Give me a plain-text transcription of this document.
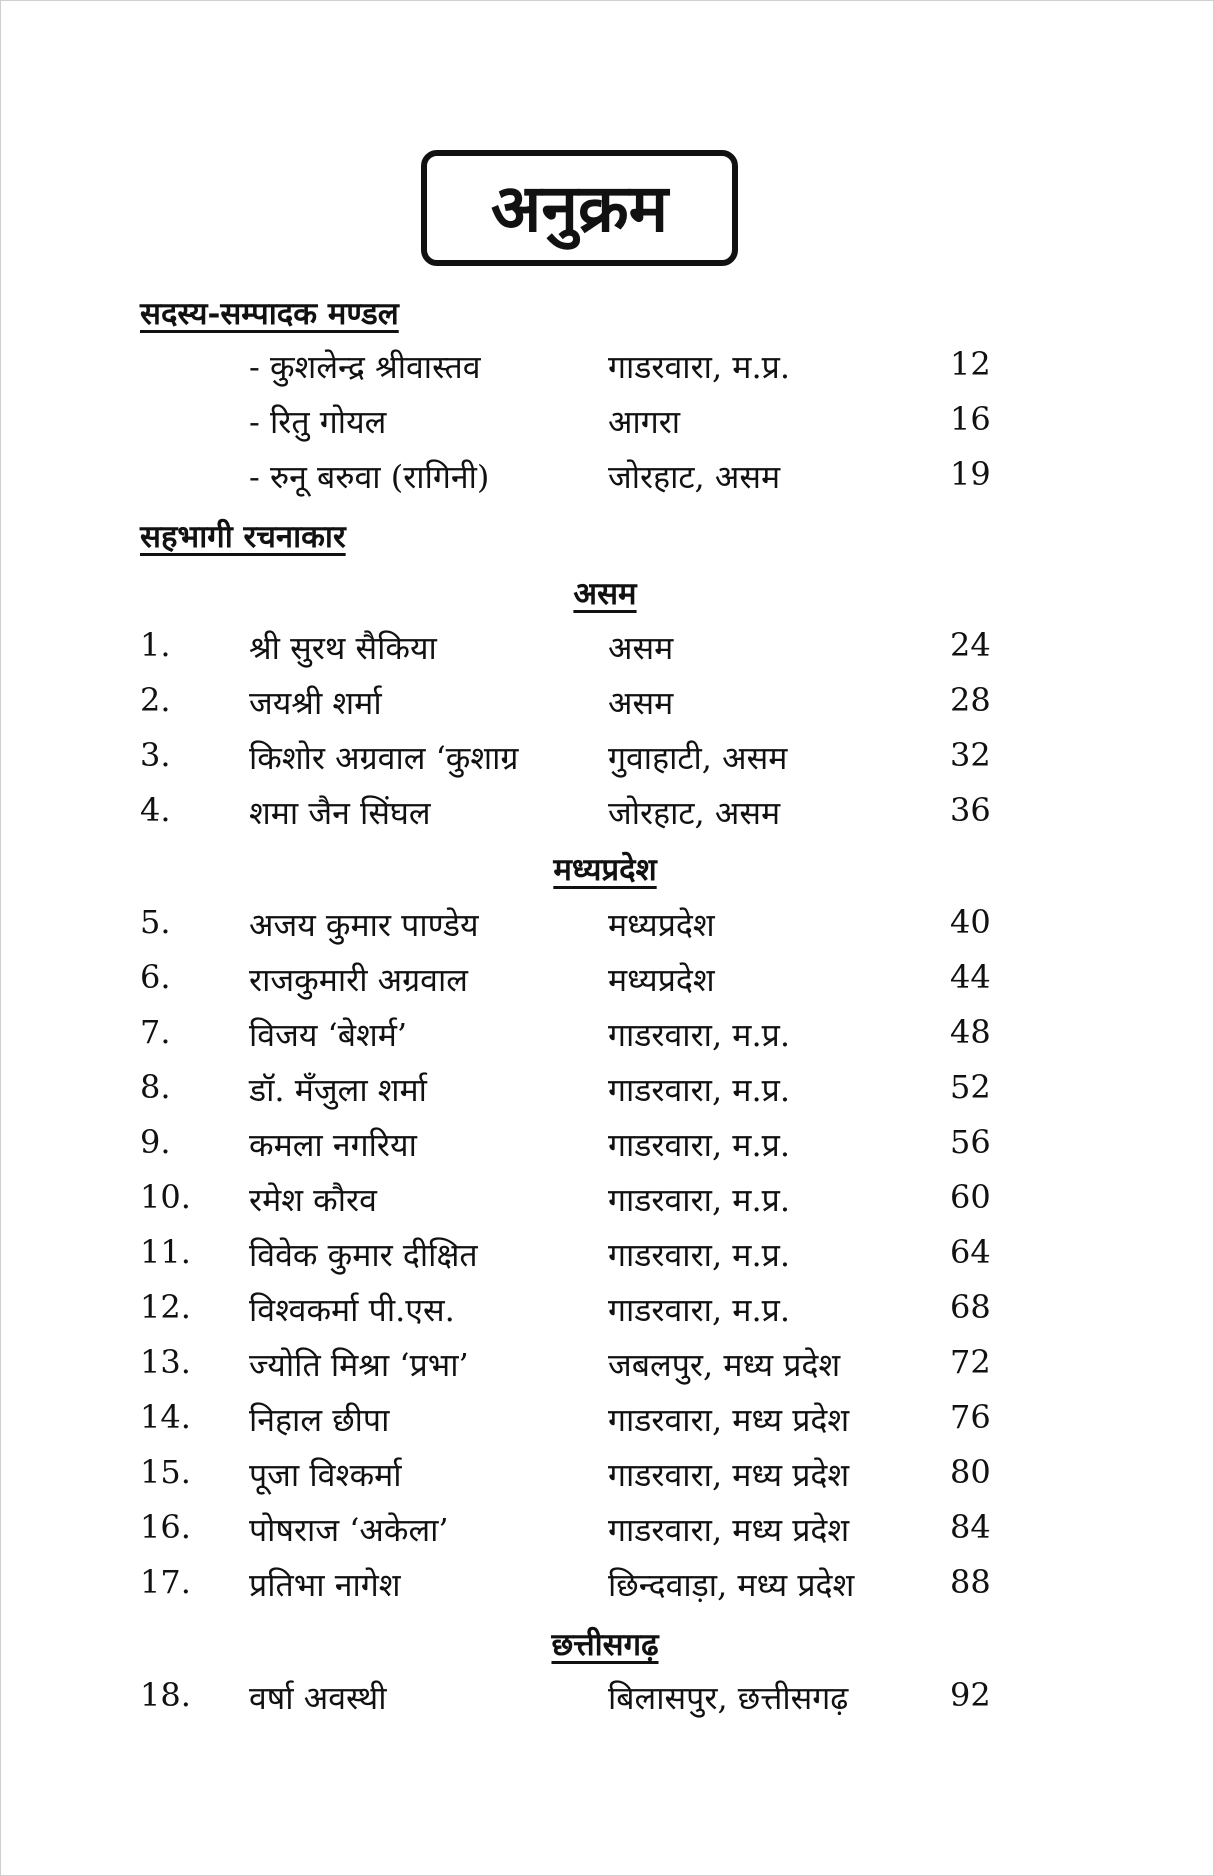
अनुक्रम
सदस्य-सम्पादक मण्डल
- कुशलेन्द्र श्रीवास्तव	गाडरवारा, म.प्र.	12
- रितु गोयल	आगरा	16
- रुनू बरुवा (रागिनी)	जोरहाट, असम	19
सहभागी रचनाकार
असम
1. श्री सुरथ सैकिया	असम	24
2. जयश्री शर्मा	असम	28
3. किशोर अग्रवाल ‘कुशाग्र	गुवाहाटी, असम	32
4. शमा जैन सिंघल	जोरहाट, असम	36
मध्यप्रदेश
5. अजय कुमार पाण्डेय	मध्यप्रदेश	40
6. राजकुमारी अग्रवाल	मध्यप्रदेश	44
7. विजय ‘बेशर्म’	गाडरवारा, म.प्र.	48
8. डॉ. मँजुला शर्मा	गाडरवारा, म.प्र.	52
9. कमला नगरिया	गाडरवारा, म.प्र.	56
10. रमेश कौरव	गाडरवारा, म.प्र.	60
11. विवेक कुमार दीक्षित	गाडरवारा, म.प्र.	64
12. विश्वकर्मा पी.एस.	गाडरवारा, म.प्र.	68
13. ज्योति मिश्रा ‘प्रभा’	जबलपुर, मध्य प्रदेश	72
14. निहाल छीपा	गाडरवारा, मध्य प्रदेश	76
15. पूजा विश्कर्मा	गाडरवारा, मध्य प्रदेश	80
16. पोषराज ‘अकेला’	गाडरवारा, मध्य प्रदेश	84
17. प्रतिभा नागेश	छिन्दवाड़ा, मध्य प्रदेश	88
छत्तीसगढ़
18. वर्षा अवस्थी	बिलासपुर, छत्तीसगढ़	92
